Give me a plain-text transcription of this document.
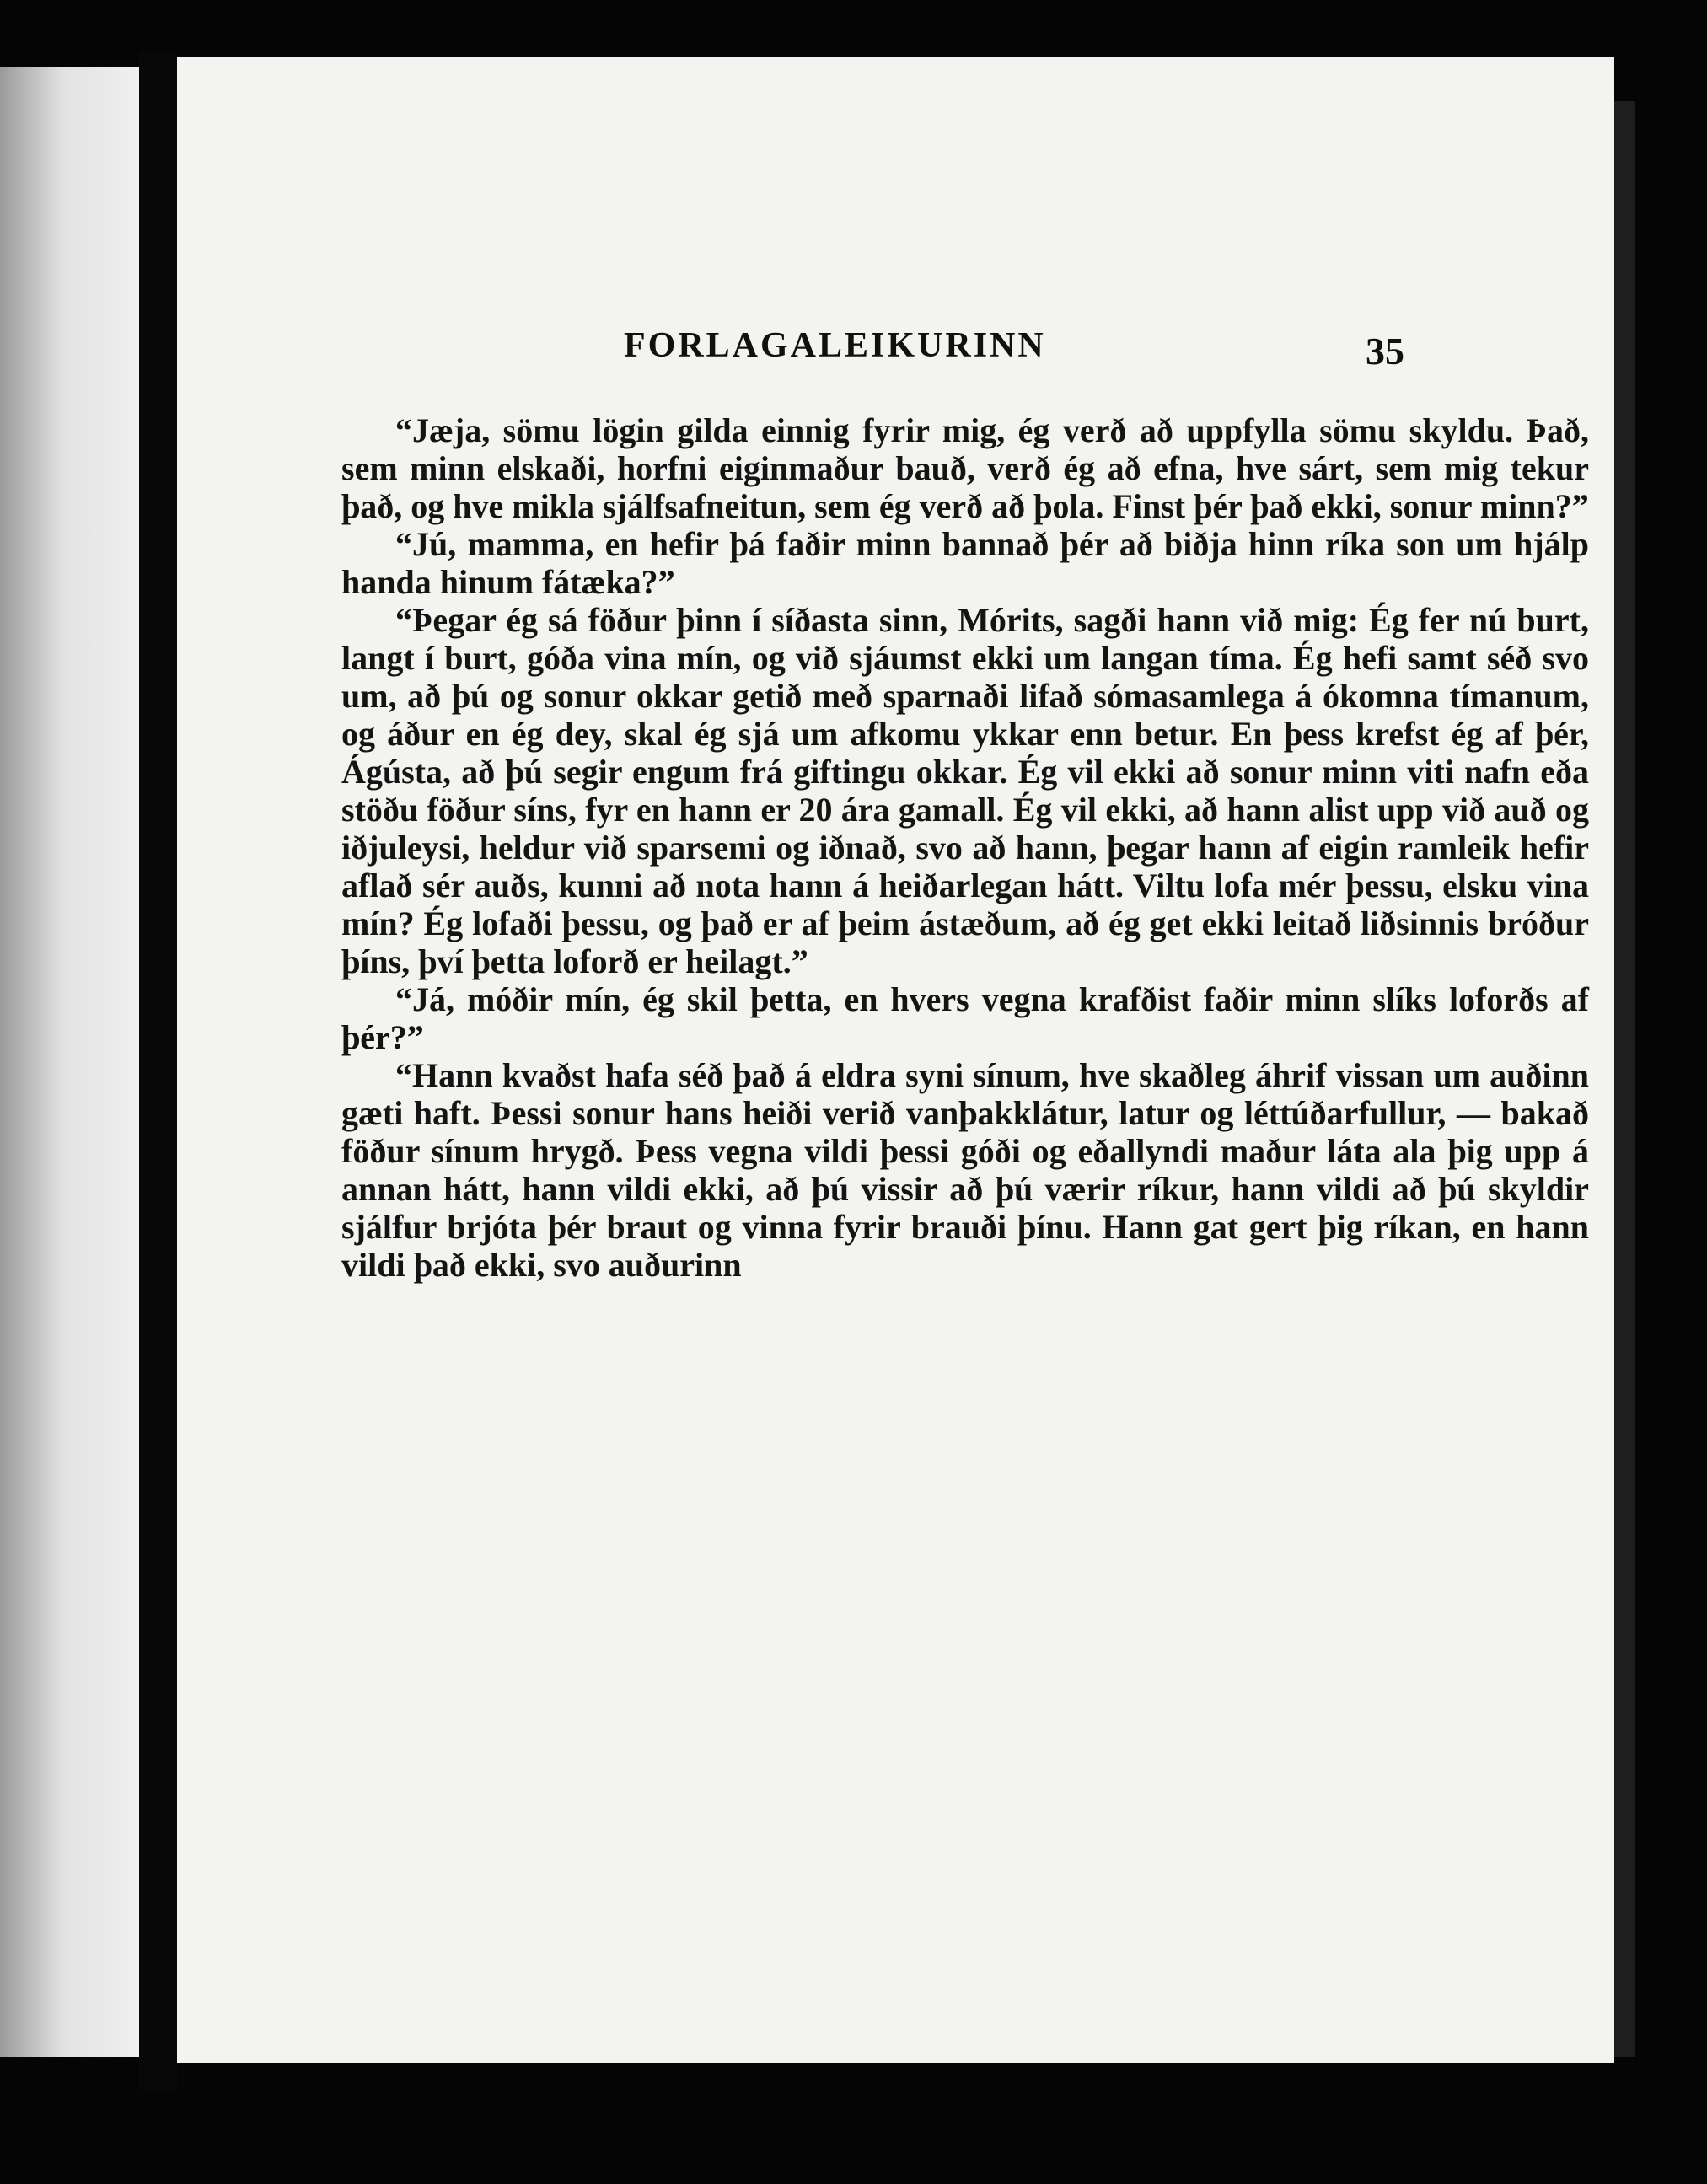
FORLAGALEIKURINN	35

“Jæja, sömu lögin gilda einnig fyrir mig, ég verð að uppfylla sömu skyldu. Það, sem minn elskaði, horfni eiginmaður bauð, verð ég að efna, hve sárt, sem mig tekur það, og hve mikla sjálfsafneitun, sem ég verð að þola. Finst þér það ekki, sonur minn?”

“Jú, mamma, en hefir þá faðir minn bannað þér að biðja hinn ríka son um hjálp handa hinum fátæka?”

“Þegar ég sá föður þinn í síðasta sinn, Mórits, sagði hann við mig: Ég fer nú burt, langt í burt, góða vina mín, og við sjáumst ekki um langan tíma. Ég hefi samt séð svo um, að þú og sonur okkar getið með sparnaði lifað sómasamlega á ókomna tímanum, og áður en ég dey, skal ég sjá um afkomu ykkar enn betur. En þess krefst ég af þér, Ágústa, að þú segir engum frá giftingu okkar. Ég vil ekki að sonur minn viti nafn eða stöðu föður síns, fyr en hann er 20 ára gamall. Ég vil ekki, að hann alist upp við auð og iðjuleysi, heldur við sparsemi og iðnað, svo að hann, þegar hann af eigin ramleik hefir aflað sér auðs, kunni að nota hann á heiðarlegan hátt. Viltu lofa mér þessu, elsku vina mín? Ég lofaði þessu, og það er af þeim ástæðum, að ég get ekki leitað liðsinnis bróður þíns, því þetta loforð er heilagt.”

“Já, móðir mín, ég skil þetta, en hvers vegna krafðist faðir minn slíks loforðs af þér?”

“Hann kvaðst hafa séð það á eldra syni sínum, hve skaðleg áhrif vissan um auðinn gæti haft. Þessi sonur hans heiði verið vanþakklátur, latur og léttúðarfullur, — bakað föður sínum hrygð. Þess vegna vildi þessi góði og eðallyndi maður láta ala þig upp á annan hátt, hann vildi ekki, að þú vissir að þú værir ríkur, hann vildi að þú skyldir sjálfur brjóta þér braut og vinna fyrir brauði þínu. Hann gat gert þig ríkan, en hann vildi það ekki, svo auðurinn
